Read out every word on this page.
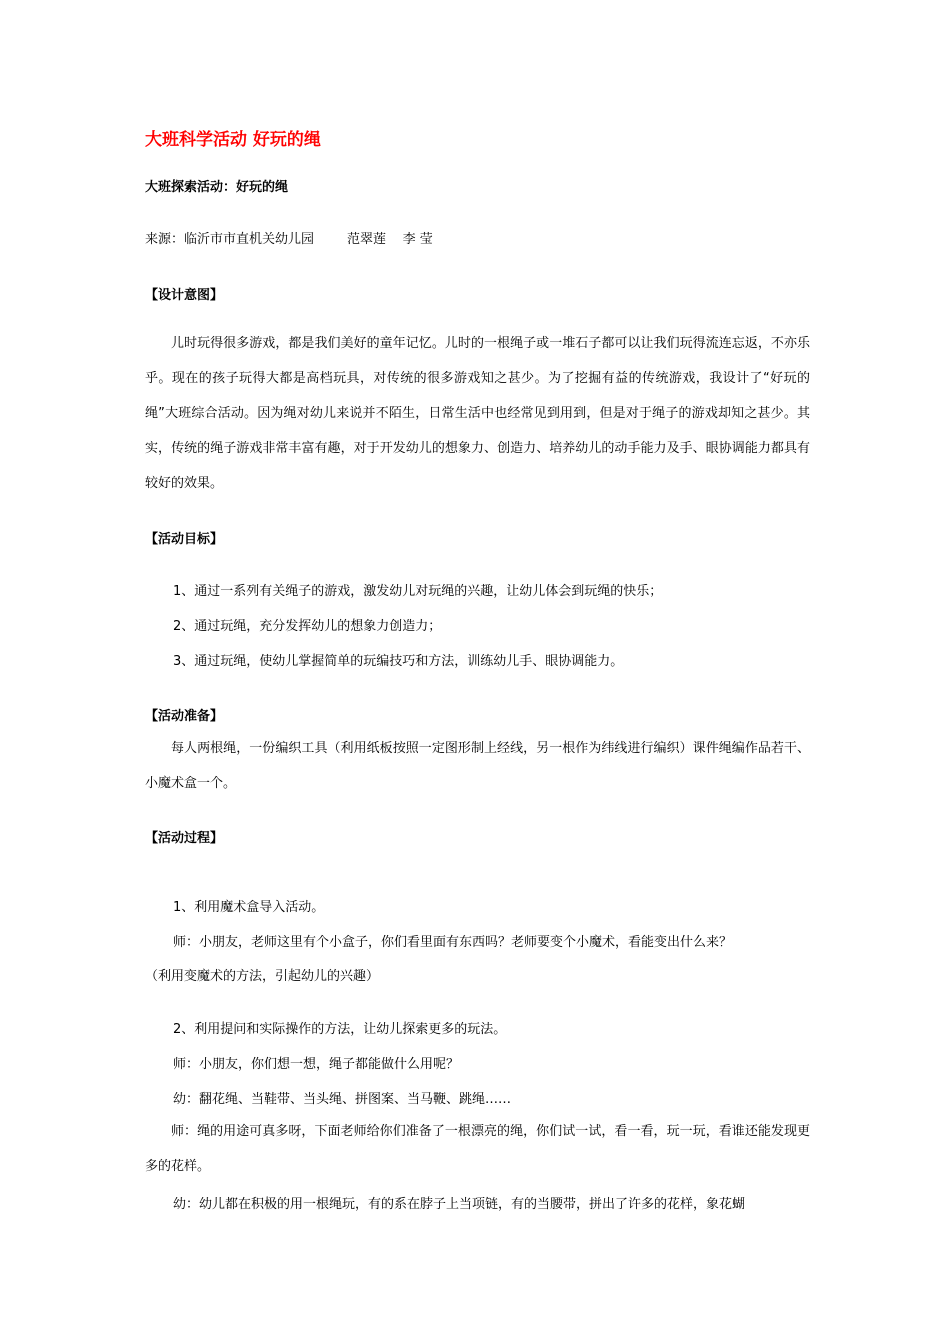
大班科学活动 好玩的绳
大班探索活动：好玩的绳
来源：临沂市市直机关幼儿园        范翠莲    李 莹
【设计意图】
儿时玩得很多游戏，都是我们美好的童年记忆。儿时的一根绳子或一堆石子都可以让我们玩得流连忘返，不亦乐乎。现在的孩子玩得大都是高档玩具，对传统的很多游戏知之甚少。为了挖掘有益的传统游戏，我设计了“好玩的绳”大班综合活动。因为绳对幼儿来说并不陌生，日常生活中也经常见到用到，但是对于绳子的游戏却知之甚少。其实，传统的绳子游戏非常丰富有趣，对于开发幼儿的想象力、创造力、培养幼儿的动手能力及手、眼协调能力都具有较好的效果。
【活动目标】
1、通过一系列有关绳子的游戏，激发幼儿对玩绳的兴趣，让幼儿体会到玩绳的快乐；
2、通过玩绳，充分发挥幼儿的想象力创造力；
3、通过玩绳，使幼儿掌握简单的玩编技巧和方法，训练幼儿手、眼协调能力。
【活动准备】
每人两根绳，一份编织工具（利用纸板按照一定图形制上经线，另一根作为纬线进行编织）课件绳编作品若干、小魔术盒一个。
【活动过程】
1、利用魔术盒导入活动。
师：小朋友，老师这里有个小盒子，你们看里面有东西吗？老师要变个小魔术，看能变出什么来？
（利用变魔术的方法，引起幼儿的兴趣）
2、利用提问和实际操作的方法，让幼儿探索更多的玩法。
师：小朋友，你们想一想，绳子都能做什么用呢？
幼：翻花绳、当鞋带、当头绳、拼图案、当马鞭、跳绳……
师：绳的用途可真多呀，下面老师给你们准备了一根漂亮的绳，你们试一试，看一看，玩一玩，看谁还能发现更多的花样。
幼：幼儿都在积极的用一根绳玩，有的系在脖子上当项链，有的当腰带，拼出了许多的花样，象花蝴
